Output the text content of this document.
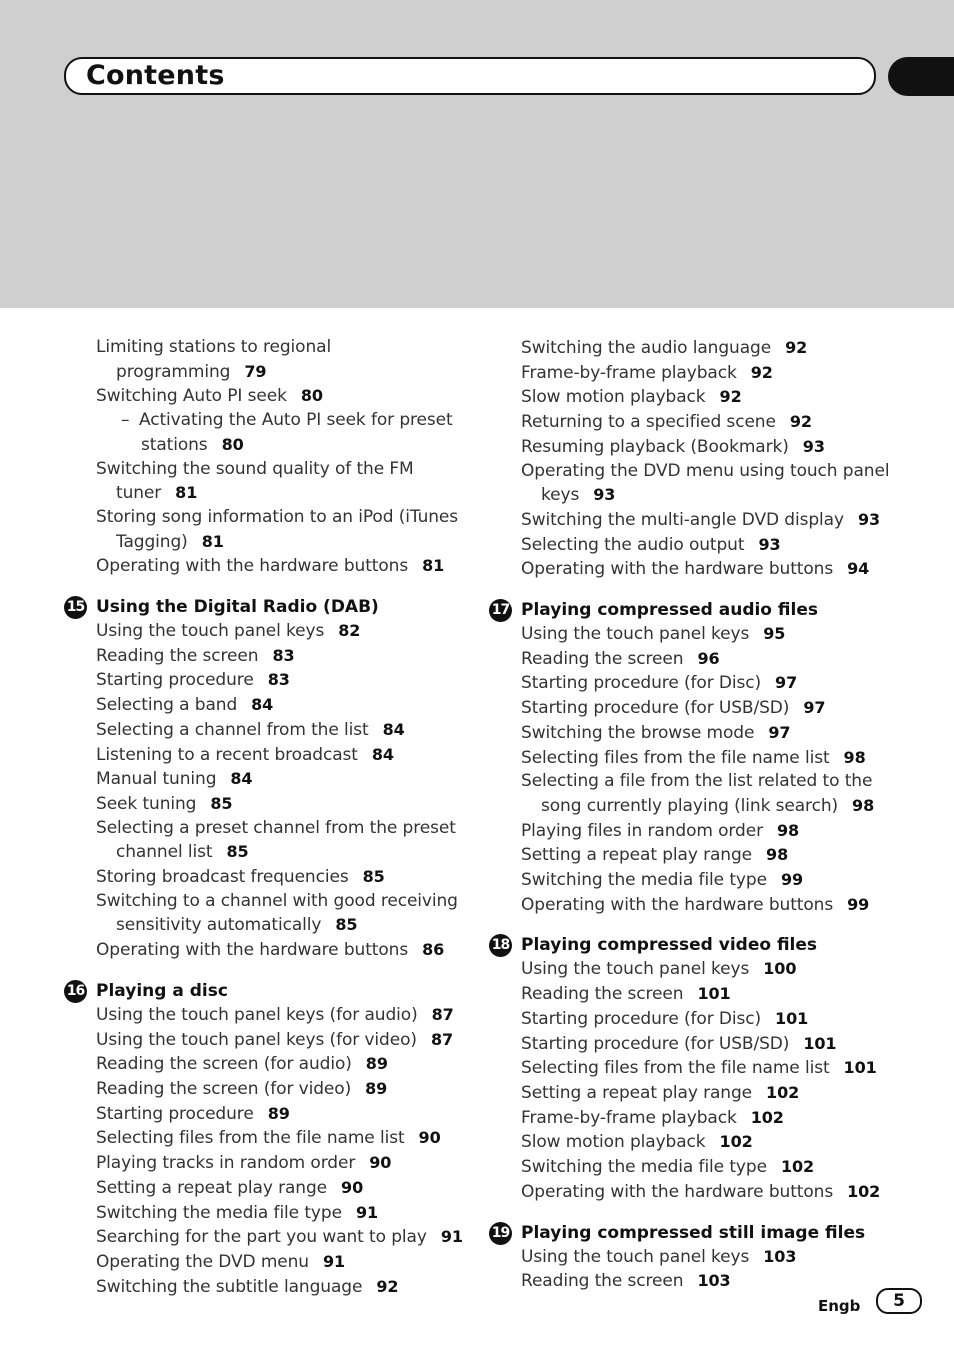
Contents
Limiting stations to regional programming 79
Switching Auto PI seek 80
– Activating the Auto PI seek for preset stations 80
Switching the sound quality of the FM tuner 81
Storing song information to an iPod (iTunes Tagging) 81
Operating with the hardware buttons 81
15 Using the Digital Radio (DAB)
Using the touch panel keys 82
Reading the screen 83
Starting procedure 83
Selecting a band 84
Selecting a channel from the list 84
Listening to a recent broadcast 84
Manual tuning 84
Seek tuning 85
Selecting a preset channel from the preset channel list 85
Storing broadcast frequencies 85
Switching to a channel with good receiving sensitivity automatically 85
Operating with the hardware buttons 86
16 Playing a disc
Using the touch panel keys (for audio) 87
Using the touch panel keys (for video) 87
Reading the screen (for audio) 89
Reading the screen (for video) 89
Starting procedure 89
Selecting files from the file name list 90
Playing tracks in random order 90
Setting a repeat play range 90
Switching the media file type 91
Searching for the part you want to play 91
Operating the DVD menu 91
Switching the subtitle language 92
Switching the audio language 92
Frame-by-frame playback 92
Slow motion playback 92
Returning to a specified scene 92
Resuming playback (Bookmark) 93
Operating the DVD menu using touch panel keys 93
Switching the multi-angle DVD display 93
Selecting the audio output 93
Operating with the hardware buttons 94
17 Playing compressed audio files
Using the touch panel keys 95
Reading the screen 96
Starting procedure (for Disc) 97
Starting procedure (for USB/SD) 97
Switching the browse mode 97
Selecting files from the file name list 98
Selecting a file from the list related to the song currently playing (link search) 98
Playing files in random order 98
Setting a repeat play range 98
Switching the media file type 99
Operating with the hardware buttons 99
18 Playing compressed video files
Using the touch panel keys 100
Reading the screen 101
Starting procedure (for Disc) 101
Starting procedure (for USB/SD) 101
Selecting files from the file name list 101
Setting a repeat play range 102
Frame-by-frame playback 102
Slow motion playback 102
Switching the media file type 102
Operating with the hardware buttons 102
19 Playing compressed still image files
Using the touch panel keys 103
Reading the screen 103
Engb	5
